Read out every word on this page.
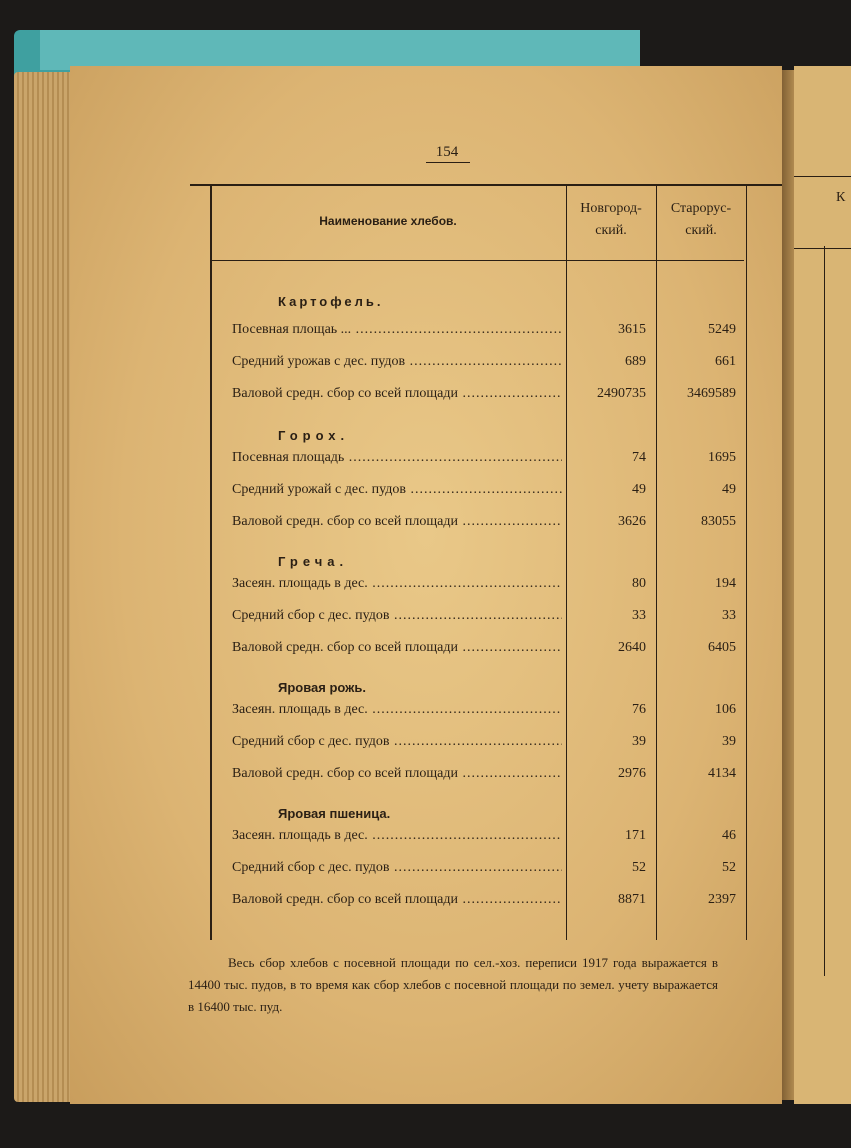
К
154
Наименование хлебов.
Новгород-
ский.
Старорус-
ский.
Картофель.
Посевная площаь ... .....	3615	5249
Средний урожав с дес. пудов .....	689	661
Валовой средн. сбор со всей площади .....	2490735	3469589
Горох.
Посевная площадь .....	74	1695
Средний урожай с дес. пудов .....	49	49
Валовой средн. сбор со всей площади .....	3626	83055
Греча.
Засеян. площадь в дес. .....	80	194
Средний сбор с дес. пудов .....	33	33
Валовой средн. сбор со всей площади .....	2640	6405
Яровая рожь.
Засеян. площадь в дес. .....	76	106
Средний сбор с дес. пудов .....	39	39
Валовой средн. сбор со всей площади .....	2976	4134
Яровая пшеница.
Засеян. площадь в дес. .....	171	46
Средний сбор с дес. пудов .....	52	52
Валовой средн. сбор со всей площади .....	8871	2397

Весь сбор хлебов с посевной площади по сел.-хоз. переписи 1917 года выражается в 14400 тыс. пудов, в то время как сбор хлебов с посевной площади по земел. учету выражается в 16400 тыс. пуд.
